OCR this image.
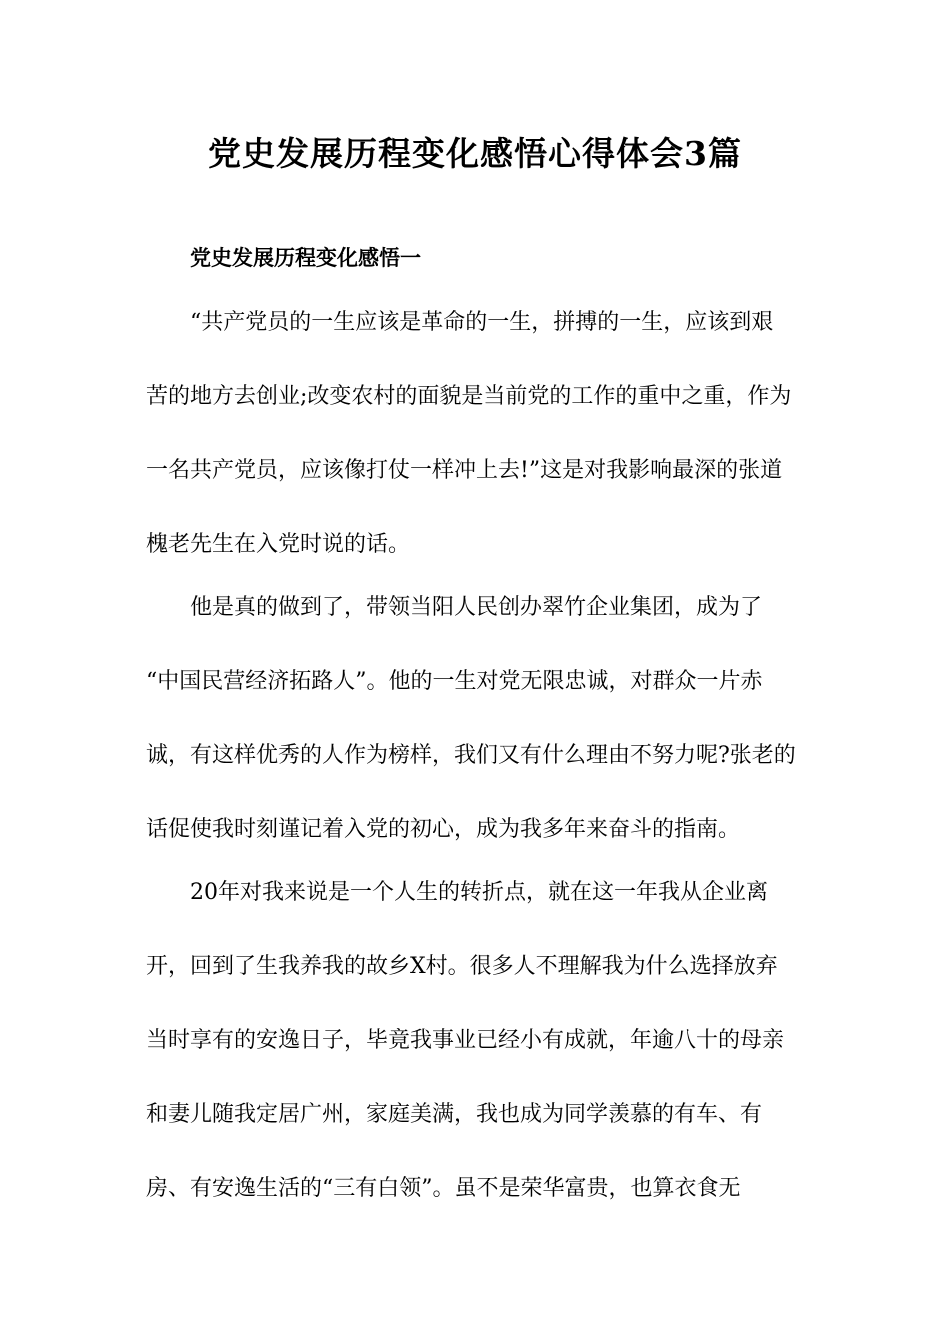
党史发展历程变化感悟心得体会3篇
党史发展历程变化感悟一

“共产党员的一生应该是革命的一生，拼搏的一生，应该到艰

苦的地方去创业;改变农村的面貌是当前党的工作的重中之重，作为

一名共产党员，应该像打仗一样冲上去!”这是对我影响最深的张道

槐老先生在入党时说的话。

他是真的做到了，带领当阳人民创办翠竹企业集团，成为了

“中国民营经济拓路人”。他的一生对党无限忠诚，对群众一片赤

诚，有这样优秀的人作为榜样，我们又有什么理由不努力呢?张老的

话促使我时刻谨记着入党的初心，成为我多年来奋斗的指南。

20年对我来说是一个人生的转折点，就在这一年我从企业离

开，回到了生我养我的故乡X村。很多人不理解我为什么选择放弃

当时享有的安逸日子，毕竟我事业已经小有成就，年逾八十的母亲

和妻儿随我定居广州，家庭美满，我也成为同学羡慕的有车、有

房、有安逸生活的“三有白领”。虽不是荣华富贵，也算衣食无
